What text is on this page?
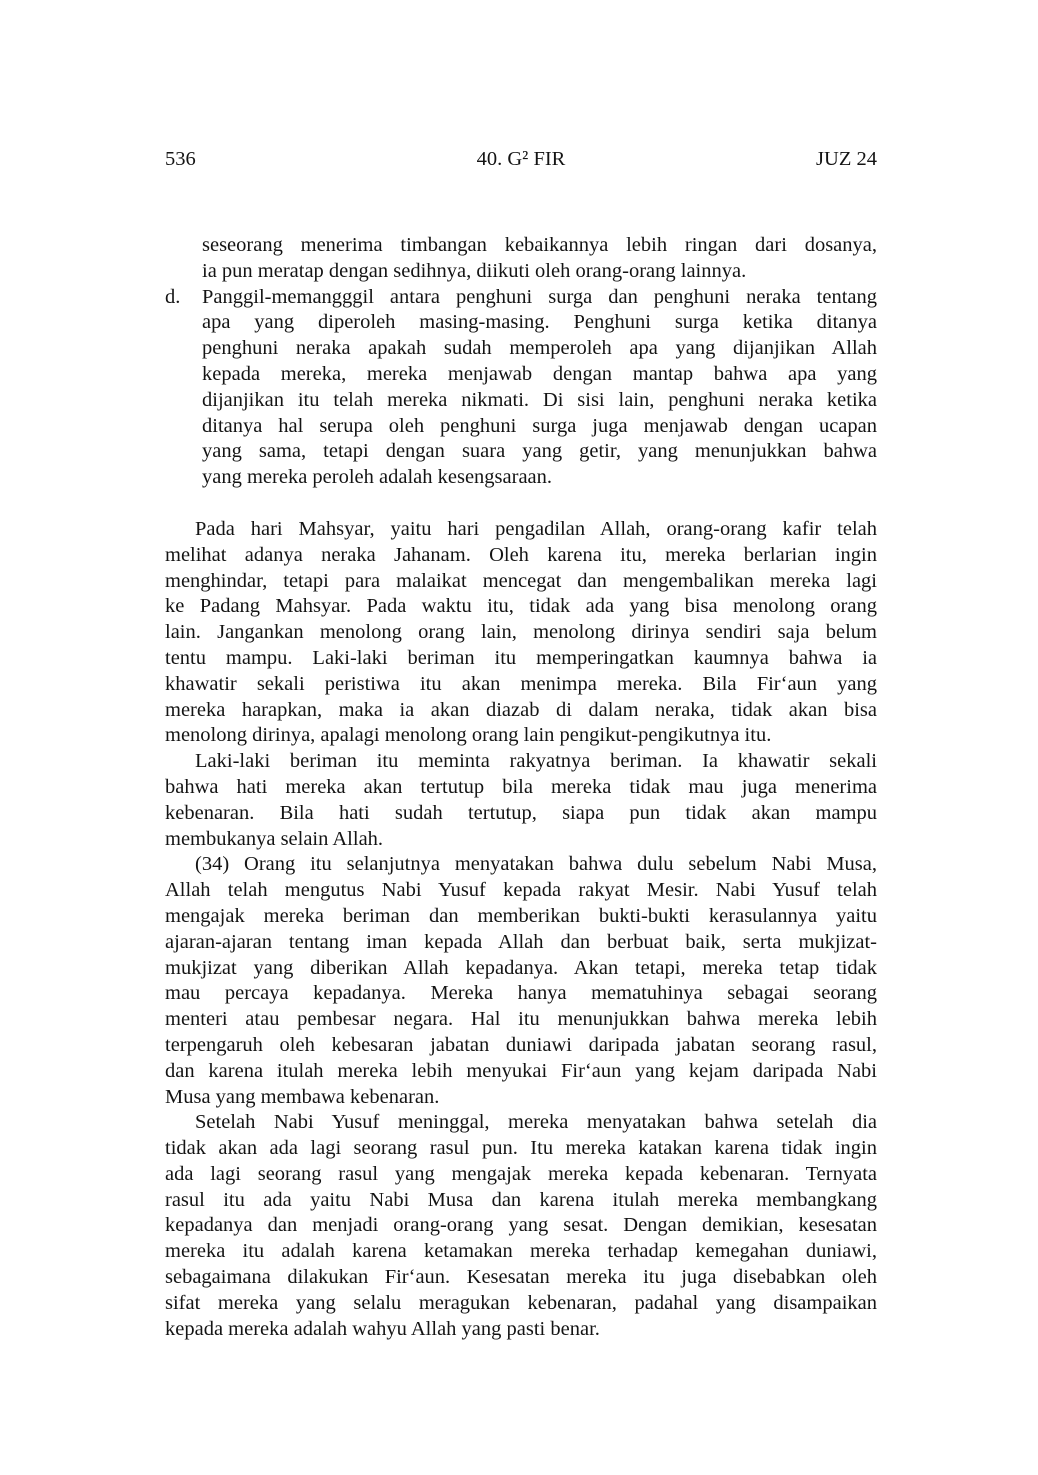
536	40. G² FIR	JUZ 24
seseorang menerima timbangan kebaikannya lebih ringan dari dosanya,
ia pun meratap dengan sedihnya, diikuti oleh orang-orang lainnya.
d.	Panggil-memangggil antara penghuni surga dan penghuni neraka tentang
apa yang diperoleh masing-masing. Penghuni surga ketika ditanya
penghuni neraka apakah sudah memperoleh apa yang dijanjikan Allah
kepada mereka, mereka menjawab dengan mantap bahwa apa yang
dijanjikan itu telah mereka nikmati. Di sisi lain, penghuni neraka ketika
ditanya hal serupa oleh penghuni surga juga menjawab dengan ucapan
yang sama, tetapi dengan suara yang getir, yang menunjukkan bahwa
yang mereka peroleh adalah kesengsaraan.
Pada hari Mahsyar, yaitu hari pengadilan Allah, orang-orang kafir telah
melihat adanya neraka Jahanam. Oleh karena itu, mereka berlarian ingin
menghindar, tetapi para malaikat mencegat dan mengembalikan mereka lagi
ke Padang Mahsyar. Pada waktu itu, tidak ada yang bisa menolong orang
lain. Jangankan menolong orang lain, menolong dirinya sendiri saja belum
tentu mampu. Laki-laki beriman itu memperingatkan kaumnya bahwa ia
khawatir sekali peristiwa itu akan menimpa mereka. Bila Fir‘aun yang
mereka harapkan, maka ia akan diazab di dalam neraka, tidak akan bisa
menolong dirinya, apalagi menolong orang lain pengikut-pengikutnya itu.
Laki-laki beriman itu meminta rakyatnya beriman. Ia khawatir sekali
bahwa hati mereka akan tertutup bila mereka tidak mau juga menerima
kebenaran. Bila hati sudah tertutup, siapa pun tidak akan mampu
membukanya selain Allah.
(34) Orang itu selanjutnya menyatakan bahwa dulu sebelum Nabi Musa,
Allah telah mengutus Nabi Yusuf kepada rakyat Mesir. Nabi Yusuf telah
mengajak mereka beriman dan memberikan bukti-bukti kerasulannya yaitu
ajaran-ajaran tentang iman kepada Allah dan berbuat baik, serta mukjizat-
mukjizat yang diberikan Allah kepadanya. Akan tetapi, mereka tetap tidak
mau percaya kepadanya. Mereka hanya mematuhinya sebagai seorang
menteri atau pembesar negara. Hal itu menunjukkan bahwa mereka lebih
terpengaruh oleh kebesaran jabatan duniawi daripada jabatan seorang rasul,
dan karena itulah mereka lebih menyukai Fir‘aun yang kejam daripada Nabi
Musa yang membawa kebenaran.
Setelah Nabi Yusuf meninggal, mereka menyatakan bahwa setelah dia
tidak akan ada lagi seorang rasul pun. Itu mereka katakan karena tidak ingin
ada lagi seorang rasul yang mengajak mereka kepada kebenaran. Ternyata
rasul itu ada yaitu Nabi Musa dan karena itulah mereka membangkang
kepadanya dan menjadi orang-orang yang sesat. Dengan demikian, kesesatan
mereka itu adalah karena ketamakan mereka terhadap kemegahan duniawi,
sebagaimana dilakukan Fir‘aun. Kesesatan mereka itu juga disebabkan oleh
sifat mereka yang selalu meragukan kebenaran, padahal yang disampaikan
kepada mereka adalah wahyu Allah yang pasti benar.
